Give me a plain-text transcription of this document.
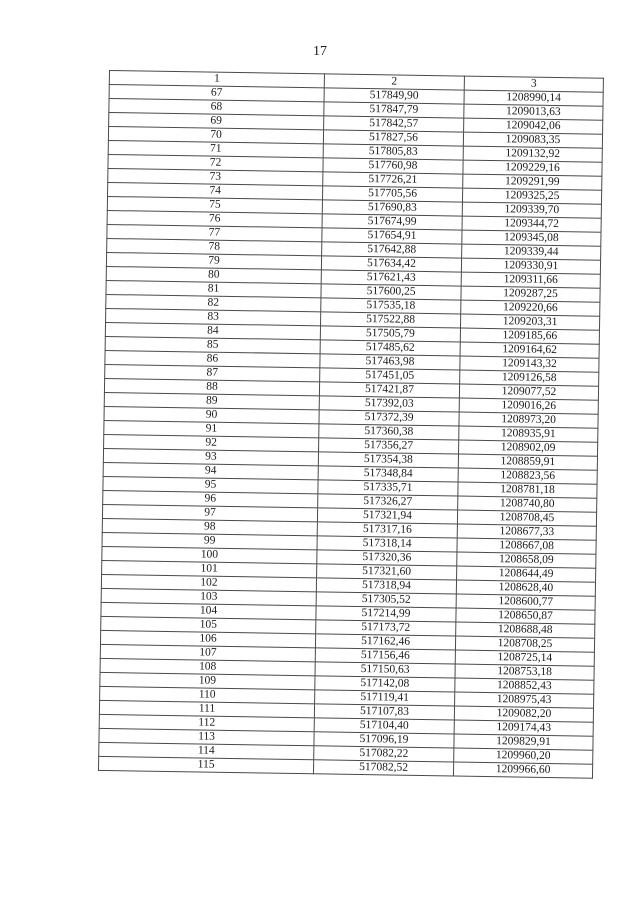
17
1	2	3
67	517849,90	1208990,14
68	517847,79	1209013,63
69	517842,57	1209042,06
70	517827,56	1209083,35
71	517805,83	1209132,92
72	517760,98	1209229,16
73	517726,21	1209291,99
74	517705,56	1209325,25
75	517690,83	1209339,70
76	517674,99	1209344,72
77	517654,91	1209345,08
78	517642,88	1209339,44
79	517634,42	1209330,91
80	517621,43	1209311,66
81	517600,25	1209287,25
82	517535,18	1209220,66
83	517522,88	1209203,31
84	517505,79	1209185,66
85	517485,62	1209164,62
86	517463,98	1209143,32
87	517451,05	1209126,58
88	517421,87	1209077,52
89	517392,03	1209016,26
90	517372,39	1208973,20
91	517360,38	1208935,91
92	517356,27	1208902,09
93	517354,38	1208859,91
94	517348,84	1208823,56
95	517335,71	1208781,18
96	517326,27	1208740,80
97	517321,94	1208708,45
98	517317,16	1208677,33
99	517318,14	1208667,08
100	517320,36	1208658,09
101	517321,60	1208644,49
102	517318,94	1208628,40
103	517305,52	1208600,77
104	517214,99	1208650,87
105	517173,72	1208688,48
106	517162,46	1208708,25
107	517156,46	1208725,14
108	517150,63	1208753,18
109	517142,08	1208852,43
110	517119,41	1208975,43
111	517107,83	1209082,20
112	517104,40	1209174,43
113	517096,19	1209829,91
114	517082,22	1209960,20
115	517082,52	1209966,60
